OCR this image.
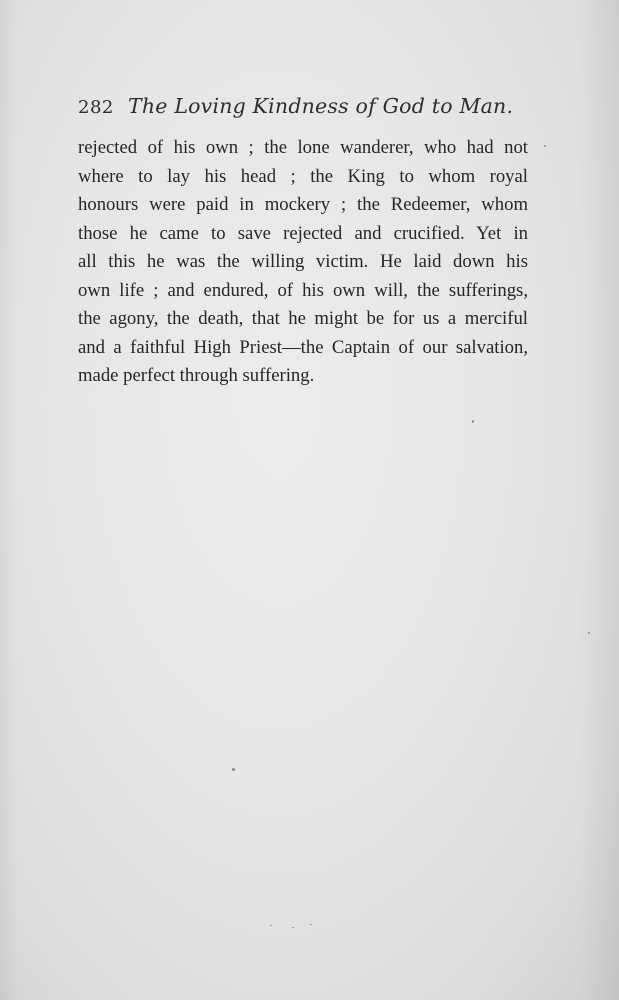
282 The Loving Kindness of God to Man.
rejected of his own ; the lone wanderer, who had not
where to lay his head ; the King to whom royal
honours were paid in mockery ; the Redeemer, whom
those he came to save rejected and crucified. Yet in
all this he was the willing victim. He laid down his
own life ; and endured, of his own will, the sufferings,
the agony, the death, that he might be for us a merciful
and a faithful High Priest—the Captain of our salvation,
made perfect through suffering.
